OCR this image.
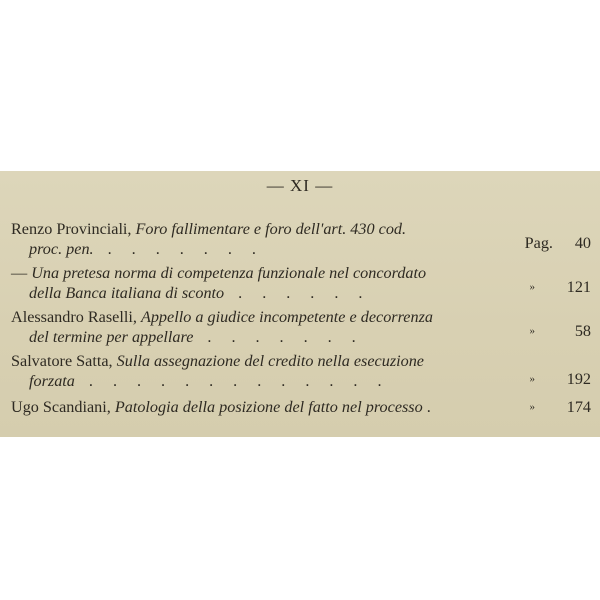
— XI —
Renzo Provinciali, Foro fallimentare e foro dell'art. 430 cod.
proc. pen. .......	Pag. 40
— Una pretesa norma di competenza funzionale nel concordato
della Banca italiana di sconto ......	» 121
Alessandro Raselli, Appello a giudice incompetente e decorrenza
del termine per appellare .......	» 58
Salvatore Satta, Sulla assegnazione del credito nella esecuzione
forzata .............	» 192
Ugo Scandiani, Patologia della posizione del fatto nel processo .	» 174
